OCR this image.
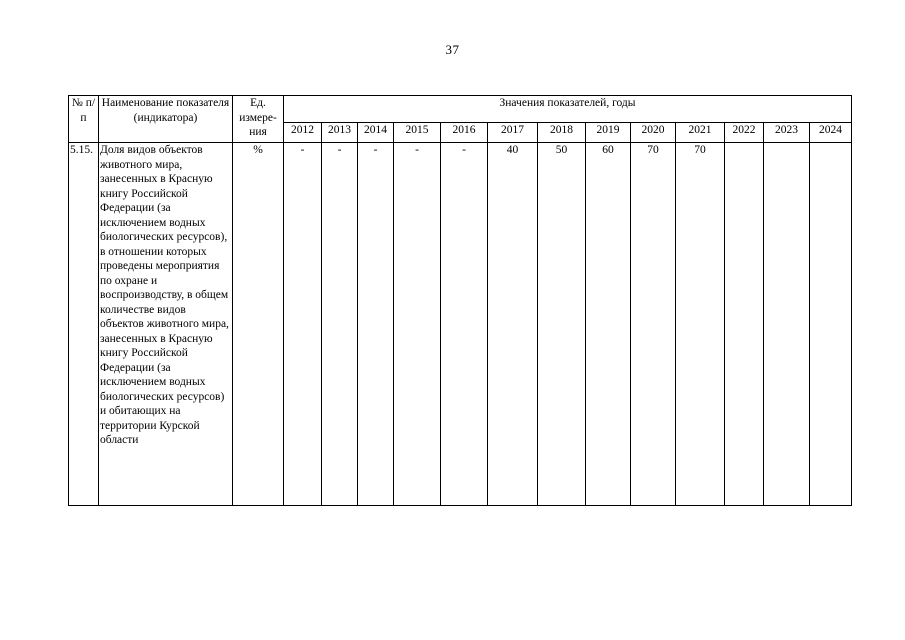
37
№ п/п	Наименование показателя (индикатора)	Ед. измере-ния	Значения показателей, годы												
			2012	2013	2014	2015	2016	2017	2018	2019	2020	2021	2022	2023	2024
5.15.	Доля видов объектов животного мира, занесенных в Красную книгу Российской Федерации (за исключением водных биологических ресурсов), в отношении которых проведены мероприятия по охране и воспроизводству, в общем количестве видов объектов животного мира, занесенных в Красную книгу Российской Федерации (за исключением водных биологических ресурсов) и обитающих на территории Курской области	%	-	-	-	-	-	40	50	60	70	70			
